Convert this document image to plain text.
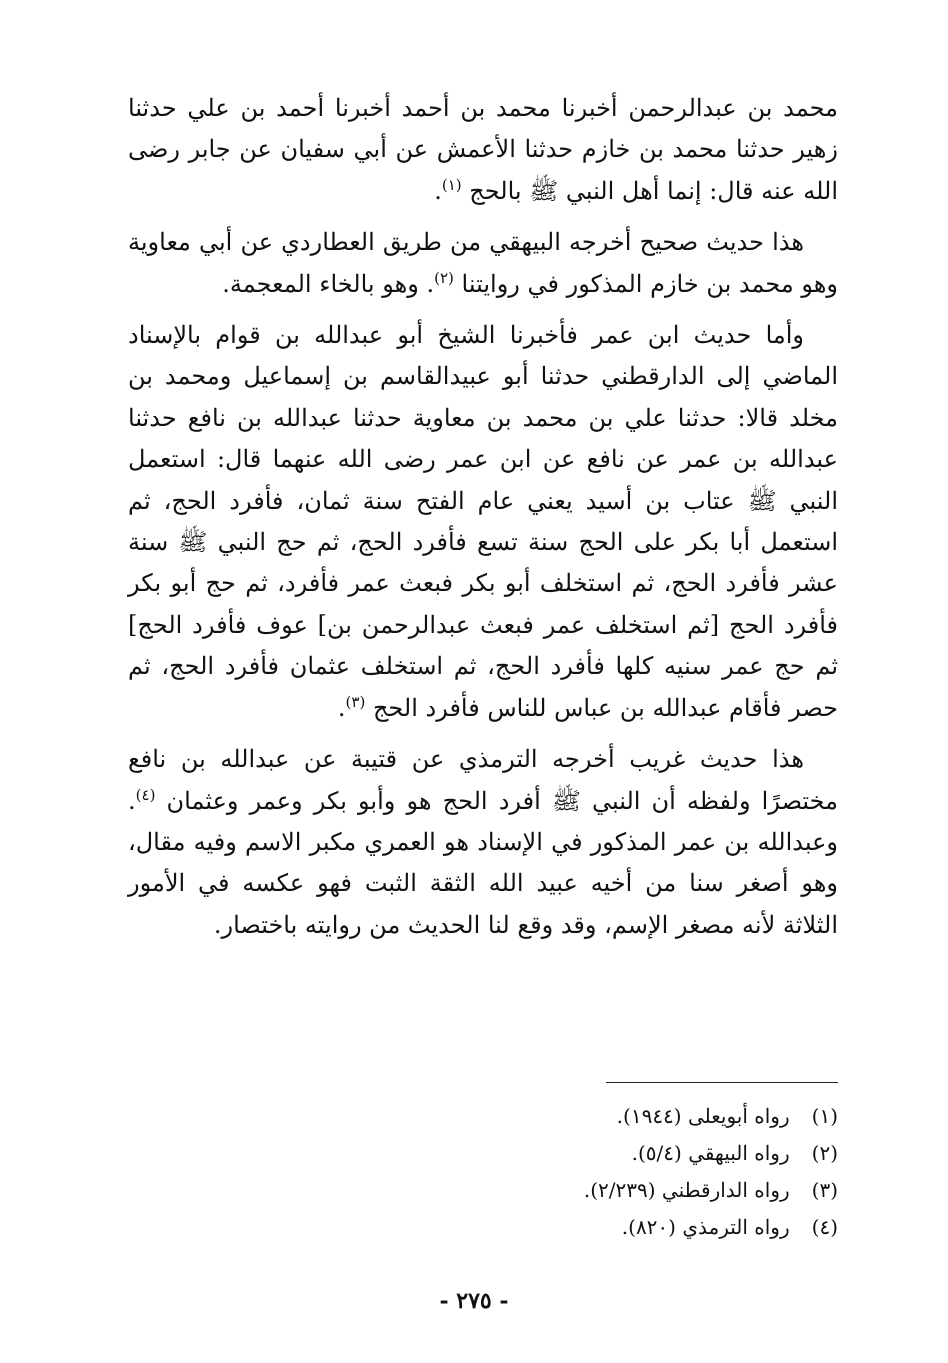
محمد بن عبدالرحمن أخبرنا محمد بن أحمد أخبرنا أحمد بن علي حدثنا زهير حدثنا محمد بن خازم حدثنا الأعمش عن أبي سفيان عن جابر رضى الله عنه قال: إنما أهل النبي ﷺ بالحج $^{(١)}$.

هذا حديث صحيح أخرجه البيهقي من طريق العطاردي عن أبي معاوية وهو محمد بن خازم المذكور في روايتنا $^{(٢)}$. وهو بالخاء المعجمة.

وأما حديث ابن عمر فأخبرنا الشيخ أبو عبدالله بن قوام بالإسناد الماضي إلى الدارقطني حدثنا أبو عبيدالقاسم بن إسماعيل ومحمد بن مخلد قالا: حدثنا علي بن محمد بن معاوية حدثنا عبدالله بن نافع حدثنا عبدالله بن عمر عن نافع عن ابن عمر رضى الله عنهما قال: استعمل النبي ﷺ عتاب بن أسيد يعني عام الفتح سنة ثمان، فأفرد الحج، ثم استعمل أبا بكر على الحج سنة تسع فأفرد الحج، ثم حج النبي ﷺ سنة عشر فأفرد الحج، ثم استخلف أبو بكر فبعث عمر فأفرد، ثم حج أبو بكر فأفرد الحج [ثم استخلف عمر فبعث عبدالرحمن بن] عوف فأفرد الحج] ثم حج عمر سنيه كلها فأفرد الحج، ثم استخلف عثمان فأفرد الحج، ثم حصر فأقام عبدالله بن عباس للناس فأفرد الحج $^{(٣)}$.

هذا حديث غريب أخرجه الترمذي عن قتيبة عن عبدالله بن نافع مختصرًا ولفظه أن النبي ﷺ أفرد الحج هو وأبو بكر وعمر وعثمان $^{(٤)}$. وعبدالله بن عمر المذكور في الإسناد هو العمري مكبر الاسم وفيه مقال، وهو أصغر سنا من أخيه عبيد الله الثقة الثبت فهو عكسه في الأمور الثلاثة لأنه مصغر الإسم، وقد وقع لنا الحديث من روايته باختصار.

(١) رواه أبويعلى (١٩٤٤).
(٢) رواه البيهقي (٥/٤).
(٣) رواه الدارقطني (٢/٢٣٩).
(٤) رواه الترمذي (٨٢٠).
- ٢٧٥ -
